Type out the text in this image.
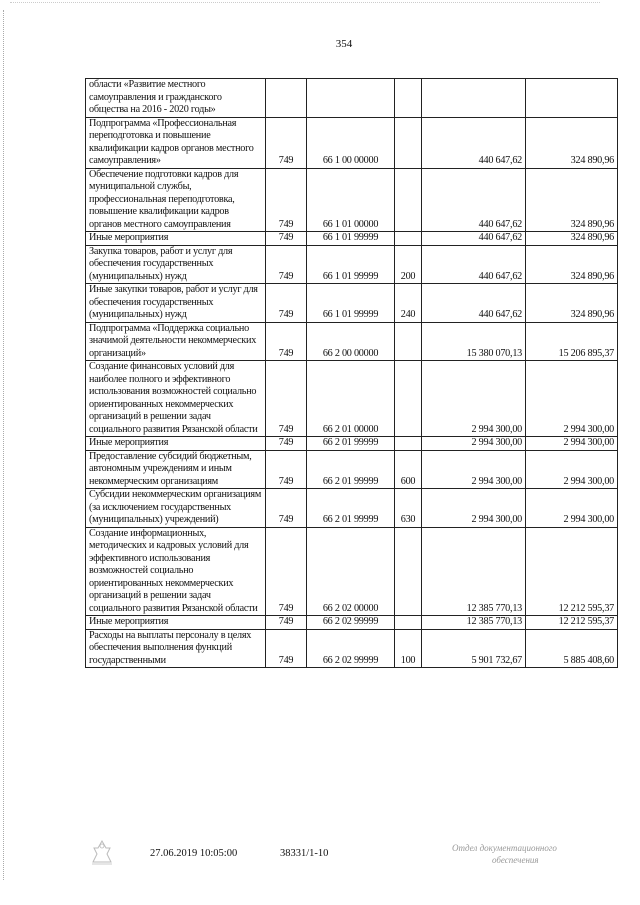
354
области «Развитие местного самоуправления и гражданского общества на 2016 - 2020 годы»					
Подпрограмма «Профессиональная переподготовка и повышение квалификации кадров органов местного самоуправления»	749	66 1 00 00000		440 647,62	324 890,96
Обеспечение подготовки кадров для муниципальной службы, профессиональная переподготовка, повышение квалификации кадров органов местного самоуправления	749	66 1 01 00000		440 647,62	324 890,96
Иные мероприятия	749	66 1 01 99999		440 647,62	324 890,96
Закупка товаров, работ и услуг для обеспечения государственных (муниципальных) нужд	749	66 1 01 99999	200	440 647,62	324 890,96
Иные закупки товаров, работ и услуг для обеспечения государственных (муниципальных) нужд	749	66 1 01 99999	240	440 647,62	324 890,96
Подпрограмма «Поддержка социально значимой деятельности некоммерческих организаций»	749	66 2 00 00000		15 380 070,13	15 206 895,37
Создание финансовых условий для наиболее полного и эффективного использования возможностей социально ориентированных некоммерческих организаций в решении задач социального развития Рязанской области	749	66 2 01 00000		2 994 300,00	2 994 300,00
Иные мероприятия	749	66 2 01 99999		2 994 300,00	2 994 300,00
Предоставление субсидий бюджетным, автономным учреждениям и иным некоммерческим организациям	749	66 2 01 99999	600	2 994 300,00	2 994 300,00
Субсидии некоммерческим организациям (за исключением государственных (муниципальных) учреждений)	749	66 2 01 99999	630	2 994 300,00	2 994 300,00
Создание информационных, методических и кадровых условий для эффективного использования возможностей социально ориентированных некоммерческих организаций в решении задач социального развития Рязанской области	749	66 2 02 00000		12 385 770,13	12 212 595,37
Иные мероприятия	749	66 2 02 99999		12 385 770,13	12 212 595,37
Расходы на выплаты персоналу в целях обеспечения выполнения функций государственными	749	66 2 02 99999	100	5 901 732,67	5 885 408,60
27.06.2019 10:05:00	38331/1-10	Отдел документационного
обеспечения
